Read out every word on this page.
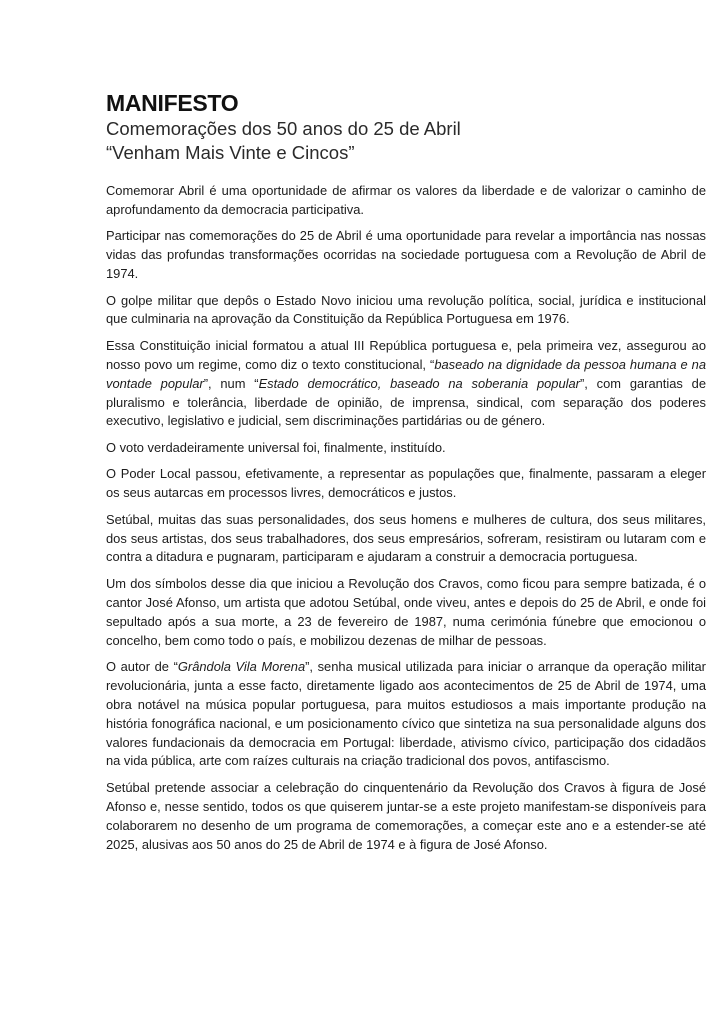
MANIFESTO
Comemorações dos 50 anos do 25 de Abril
“Venham Mais Vinte e Cincos”

Comemorar Abril é uma oportunidade de afirmar os valores da liberdade e de valorizar o caminho de aprofundamento da democracia participativa.

Participar nas comemorações do 25 de Abril é uma oportunidade para revelar a importância nas nossas vidas das profundas transformações ocorridas na sociedade portuguesa com a Revolução de Abril de 1974.

O golpe militar que depôs o Estado Novo iniciou uma revolução política, social, jurídica e institucional que culminaria na aprovação da Constituição da República Portuguesa em 1976.

Essa Constituição inicial formatou a atual III República portuguesa e, pela primeira vez, assegurou ao nosso povo um regime, como diz o texto constitucional, “baseado na dignidade da pessoa humana e na vontade popular”, num “Estado democrático, baseado na soberania popular”, com garantias de pluralismo e tolerância, liberdade de opinião, de imprensa, sindical, com separação dos poderes executivo, legislativo e judicial, sem discriminações partidárias ou de género.

O voto verdadeiramente universal foi, finalmente, instituído.

O Poder Local passou, efetivamente, a representar as populações que, finalmente, passaram a eleger os seus autarcas em processos livres, democráticos e justos.

Setúbal, muitas das suas personalidades, dos seus homens e mulheres de cultura, dos seus militares, dos seus artistas, dos seus trabalhadores, dos seus empresários, sofreram, resistiram ou lutaram com e contra a ditadura e pugnaram, participaram e ajudaram a construir a democracia portuguesa.

Um dos símbolos desse dia que iniciou a Revolução dos Cravos, como ficou para sempre batizada, é o cantor José Afonso, um artista que adotou Setúbal, onde viveu, antes e depois do 25 de Abril, e onde foi sepultado após a sua morte, a 23 de fevereiro de 1987, numa cerimónia fúnebre que emocionou o concelho, bem como todo o país, e mobilizou dezenas de milhar de pessoas.

O autor de “Grândola Vila Morena”, senha musical utilizada para iniciar o arranque da operação militar revolucionária, junta a esse facto, diretamente ligado aos acontecimentos de 25 de Abril de 1974, uma obra notável na música popular portuguesa, para muitos estudiosos a mais importante produção na história fonográfica nacional, e um posicionamento cívico que sintetiza na sua personalidade alguns dos valores fundacionais da democracia em Portugal: liberdade, ativismo cívico, participação dos cidadãos na vida pública, arte com raízes culturais na criação tradicional dos povos, antifascismo.

Setúbal pretende associar a celebração do cinquentenário da Revolução dos Cravos à figura de José Afonso e, nesse sentido, todos os que quiserem juntar-se a este projeto manifestam-se disponíveis para colaborarem no desenho de um programa de comemorações, a começar este ano e a estender-se até 2025, alusivas aos 50 anos do 25 de Abril de 1974 e à figura de José Afonso.
